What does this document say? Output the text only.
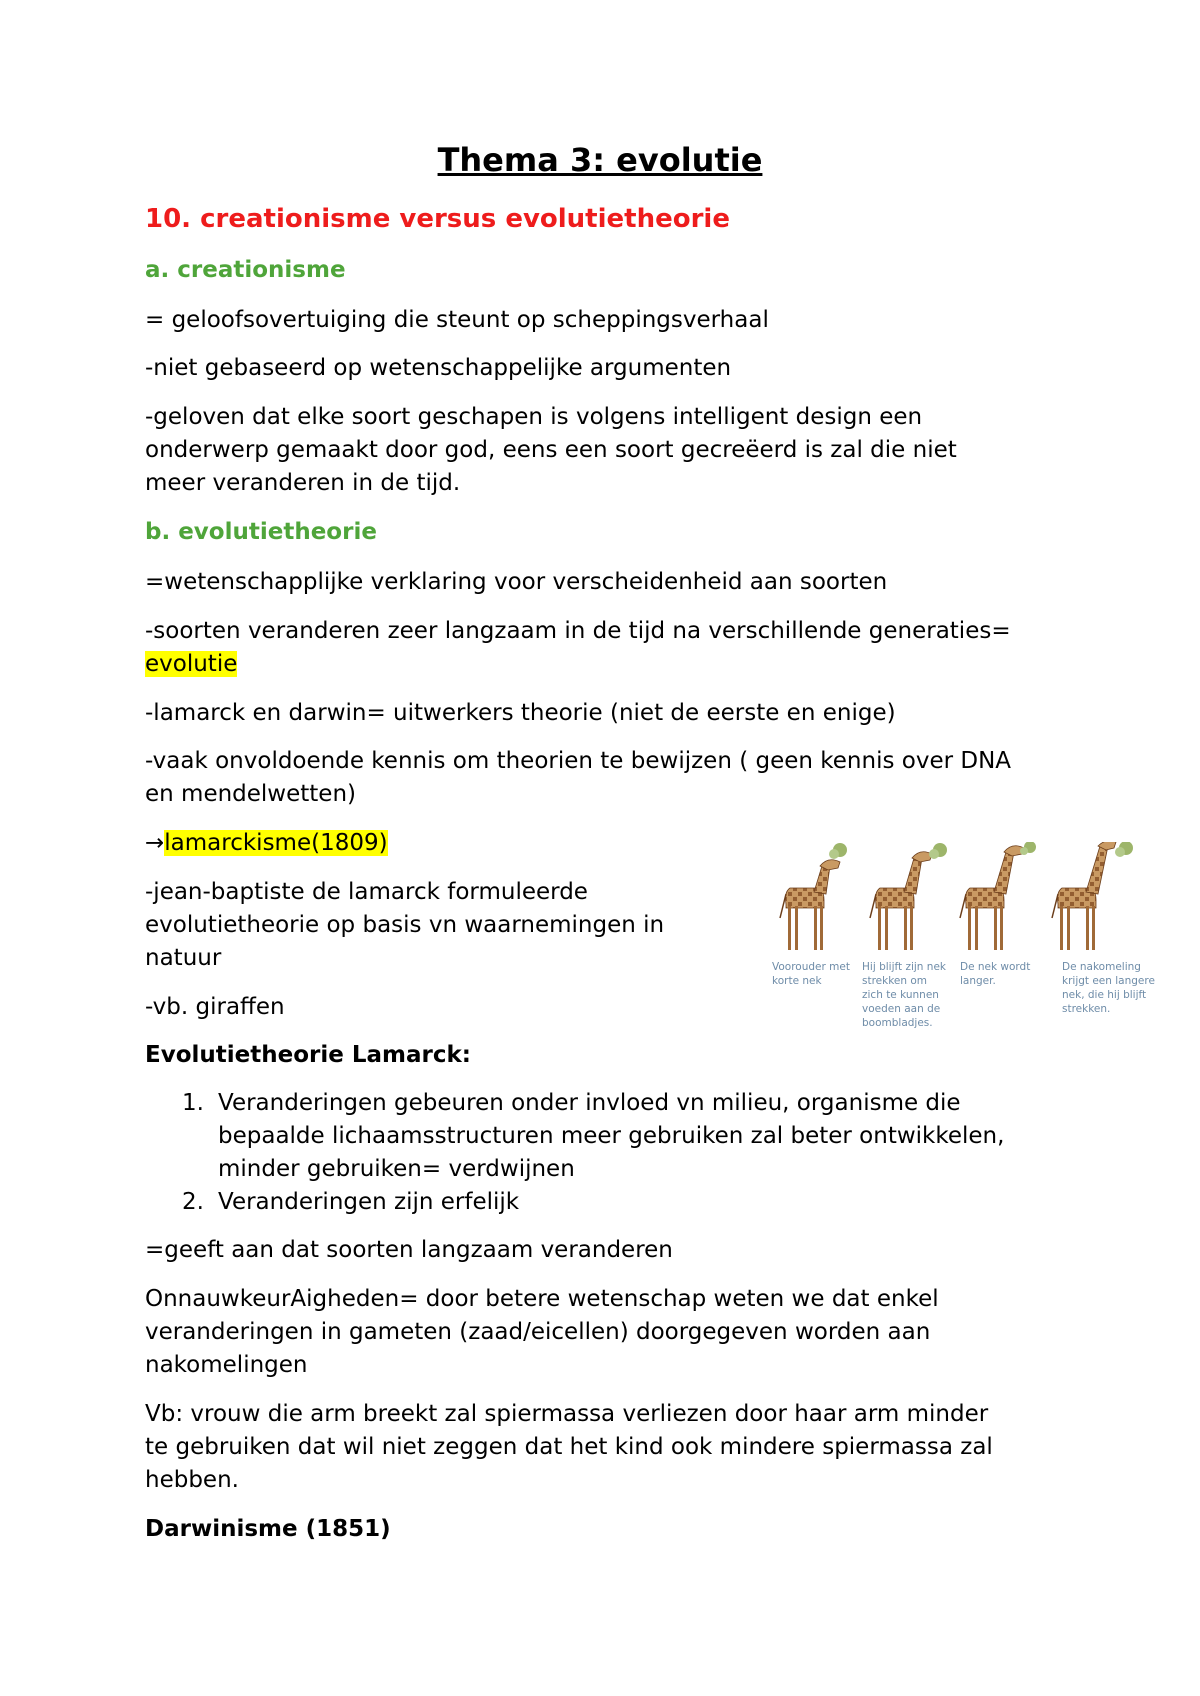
Thema 3: evolutie
10. creationisme versus evolutietheorie
a. creationisme
= geloofsovertuiging die steunt op scheppingsverhaal
-niet gebaseerd op wetenschappelijke argumenten
-geloven dat elke soort geschapen is volgens intelligent design een
onderwerp gemaakt door god, eens een soort gecreëerd is zal die niet
meer veranderen in de tijd.
b. evolutietheorie
=wetenschapplijke verklaring voor verscheidenheid aan soorten
-soorten veranderen zeer langzaam in de tijd na verschillende generaties=
evolutie
-lamarck en darwin= uitwerkers theorie (niet de eerste en enige)
-vaak onvoldoende kennis om theorien te bewijzen ( geen kennis over DNA
en mendelwetten)
→lamarckisme(1809)
-jean-baptiste de lamarck formuleerde
evolutietheorie op basis vn waarnemingen in
natuur
-vb. giraffen
Voorouder met
korte nek
Hij blijft zijn nek
strekken om
zich te kunnen
voeden aan de
boombladjes.
De nek wordt
langer.
De nakomeling
krijgt een langere
nek, die hij blijft
strekken.
Evolutietheorie Lamarck:
1. Veranderingen gebeuren onder invloed vn milieu, organisme die
bepaalde lichaamsstructuren meer gebruiken zal beter ontwikkelen,
minder gebruiken= verdwijnen
2. Veranderingen zijn erfelijk
=geeft aan dat soorten langzaam veranderen
OnnauwkeurAigheden= door betere wetenschap weten we dat enkel
veranderingen in gameten (zaad/eicellen) doorgegeven worden aan
nakomelingen
Vb: vrouw die arm breekt zal spiermassa verliezen door haar arm minder
te gebruiken dat wil niet zeggen dat het kind ook mindere spiermassa zal
hebben.
Darwinisme (1851)
